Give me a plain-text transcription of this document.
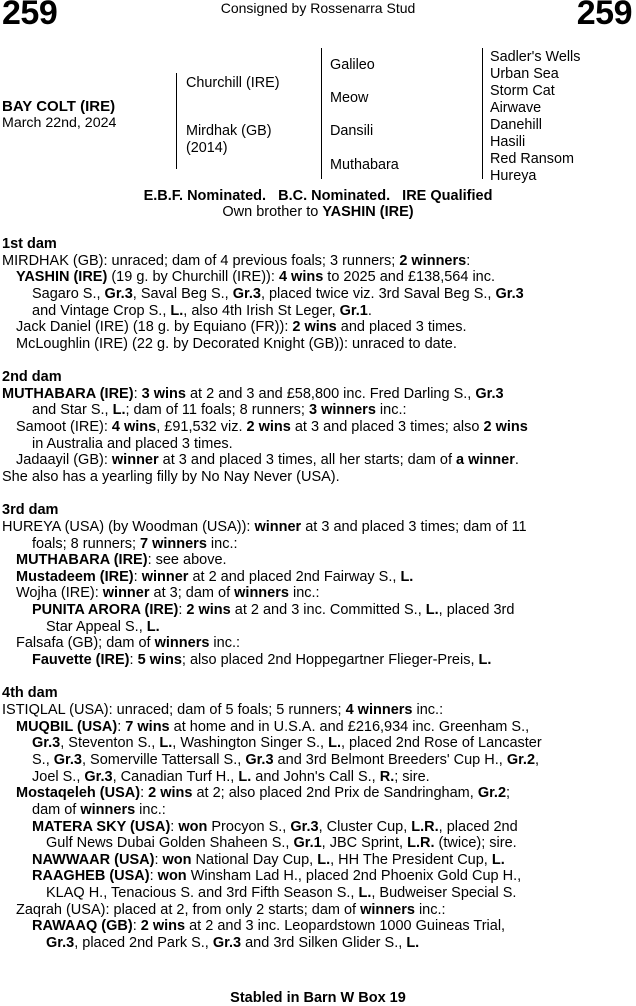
259	259
Consigned by Rossenarra Stud
BAY COLT (IRE)
March 22nd, 2024
Churchill (IRE)
Mirdhak (GB)
(2014)
Galileo
Meow
Dansili
Muthabara
Sadler's Wells
Urban Sea
Storm Cat
Airwave
Danehill
Hasili
Red Ransom
Hureya
E.B.F. Nominated.   B.C. Nominated.   IRE Qualified
Own brother to YASHIN (IRE)
1st dam
MIRDHAK (GB): unraced; dam of 4 previous foals; 3 runners; 2 winners:
YASHIN (IRE) (19 g. by Churchill (IRE)): 4 wins to 2025 and £138,564 inc.
Sagaro S., Gr.3, Saval Beg S., Gr.3, placed twice viz. 3rd Saval Beg S., Gr.3
and Vintage Crop S., L., also 4th Irish St Leger, Gr.1.
Jack Daniel (IRE) (18 g. by Equiano (FR)): 2 wins and placed 3 times.
McLoughlin (IRE) (22 g. by Decorated Knight (GB)): unraced to date.
2nd dam
MUTHABARA (IRE): 3 wins at 2 and 3 and £58,800 inc. Fred Darling S., Gr.3
and Star S., L.; dam of 11 foals; 8 runners; 3 winners inc.:
Samoot (IRE): 4 wins, £91,532 viz. 2 wins at 3 and placed 3 times; also 2 wins
in Australia and placed 3 times.
Jadaayil (GB): winner at 3 and placed 3 times, all her starts; dam of a winner.
She also has a yearling filly by No Nay Never (USA).
3rd dam
HUREYA (USA) (by Woodman (USA)): winner at 3 and placed 3 times; dam of 11
foals; 8 runners; 7 winners inc.:
MUTHABARA (IRE): see above.
Mustadeem (IRE): winner at 2 and placed 2nd Fairway S., L.
Wojha (IRE): winner at 3; dam of winners inc.:
PUNITA ARORA (IRE): 2 wins at 2 and 3 inc. Committed S., L., placed 3rd
Star Appeal S., L.
Falsafa (GB); dam of winners inc.:
Fauvette (IRE): 5 wins; also placed 2nd Hoppegartner Flieger-Preis, L.
4th dam
ISTIQLAL (USA): unraced; dam of 5 foals; 5 runners; 4 winners inc.:
MUQBIL (USA): 7 wins at home and in U.S.A. and £216,934 inc. Greenham S.,
Gr.3, Steventon S., L., Washington Singer S., L., placed 2nd Rose of Lancaster
S., Gr.3, Somerville Tattersall S., Gr.3 and 3rd Belmont Breeders' Cup H., Gr.2,
Joel S., Gr.3, Canadian Turf H., L. and John's Call S., R.; sire.
Mostaqeleh (USA): 2 wins at 2; also placed 2nd Prix de Sandringham, Gr.2;
dam of winners inc.:
MATERA SKY (USA): won Procyon S., Gr.3, Cluster Cup, L.R., placed 2nd
Gulf News Dubai Golden Shaheen S., Gr.1, JBC Sprint, L.R. (twice); sire.
NAWWAAR (USA): won National Day Cup, L., HH The President Cup, L.
RAAGHEB (USA): won Winsham Lad H., placed 2nd Phoenix Gold Cup H.,
KLAQ H., Tenacious S. and 3rd Fifth Season S., L., Budweiser Special S.
Zaqrah (USA): placed at 2, from only 2 starts; dam of winners inc.:
RAWAAQ (GB): 2 wins at 2 and 3 inc. Leopardstown 1000 Guineas Trial,
Gr.3, placed 2nd Park S., Gr.3 and 3rd Silken Glider S., L.
Stabled in Barn W Box 19
